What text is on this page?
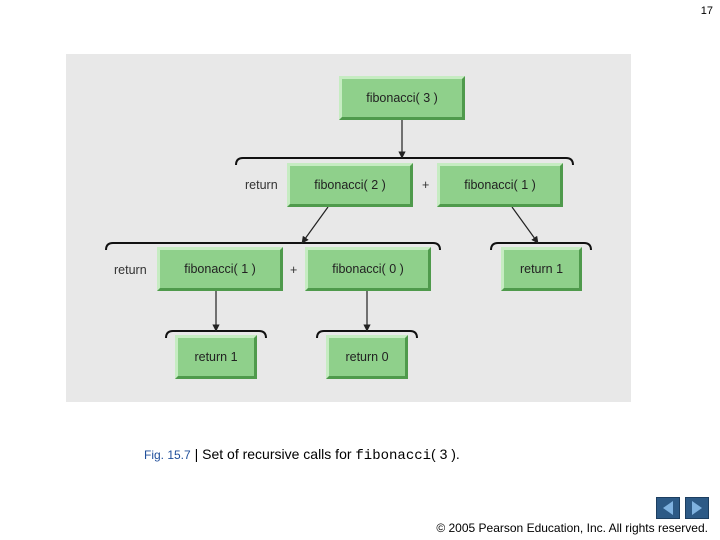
17
fibonacci( 3 )
return	fibonacci( 2 )	+	fibonacci( 1 )
return	fibonacci( 1 )	+	fibonacci( 0 )	return 1
return 1	return 0
Fig. 15.7 | Set of recursive calls for fibonacci( 3 ).
© 2005 Pearson Education, Inc. All rights reserved.
